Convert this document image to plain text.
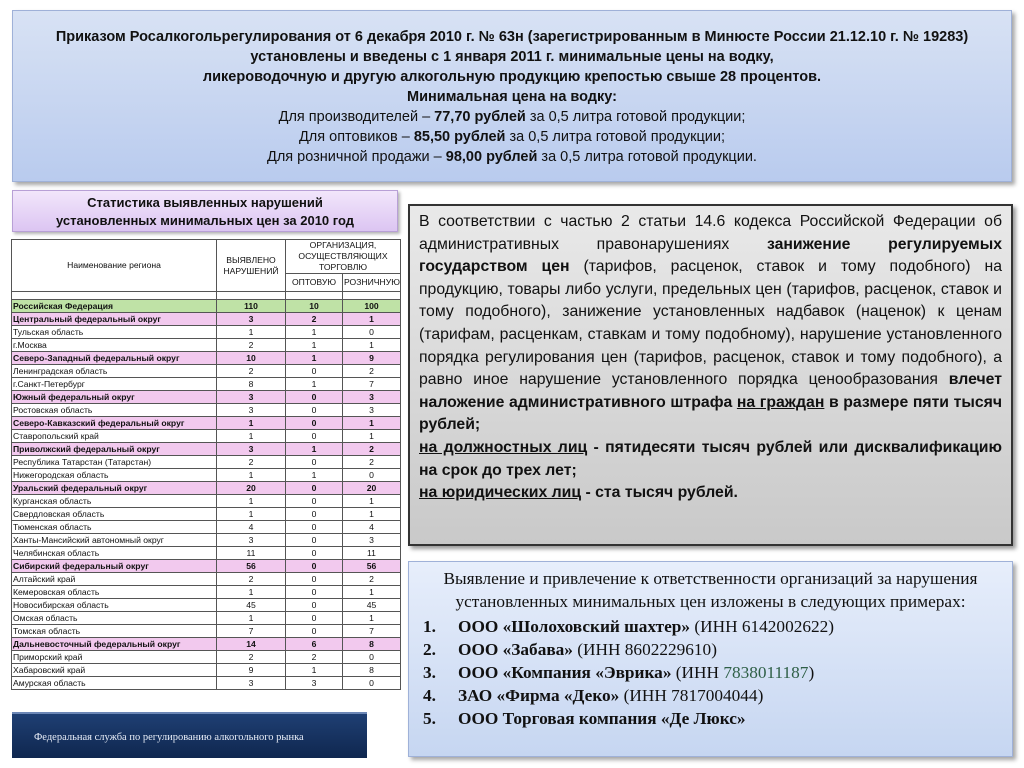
Приказом Росалкогольрегулирования от 6 декабря 2010 г. № 63н (зарегистрированным в Минюсте России 21.12.10 г. № 19283)
установлены и введены с 1 января 2011 г. минимальные цены на водку,
ликероводочную и другую алкогольную продукцию крепостью свыше 28 процентов.
Минимальная цена на водку:
Для производителей – 77,70 рублей за 0,5 литра готовой продукции;
Для оптовиков – 85,50 рублей за 0,5 литра готовой продукции;
Для розничной продажи – 98,00 рублей за 0,5 литра готовой продукции.
Статистика выявленных нарушений
установленных минимальных цен за 2010 год
Наименование региона	ВЫЯВЛЕНО НАРУШЕНИЙ	ОРГАНИЗАЦИЯ, ОСУЩЕСТВЛЯЮЩИХ ТОРГОВЛЮ	
		ОПТОВУЮ	РОЗНИЧНУЮ

Российская Федерация	110	10	100
Центральный федеральный округ	3	2	1
Тульская область	1	1	0
г.Москва	2	1	1
Северо-Западный федеральный округ	10	1	9
Ленинградская область	2	0	2
г.Санкт-Петербург	8	1	7
Южный федеральный округ	3	0	3
Ростовская область	3	0	3
Северо-Кавказский федеральный округ	1	0	1
Ставропольский край	1	0	1
Приволжский федеральный округ	3	1	2
Республика Татарстан (Татарстан)	2	0	2
Нижегородская область	1	1	0
Уральский федеральный округ	20	0	20
Курганская область	1	0	1
Свердловская область	1	0	1
Тюменская область	4	0	4
Ханты-Мансийский автономный округ	3	0	3
Челябинская область	11	0	11
Сибирский федеральный округ	56	0	56
Алтайский край	2	0	2
Кемеровская область	1	0	1
Новосибирская область	45	0	45
Омская область	1	0	1
Томская область	7	0	7
Дальневосточный федеральный округ	14	6	8
Приморский край	2	2	0
Хабаровский край	9	1	8
Амурская область	3	3	0

В соответствии с частью 2 статьи 14.6 кодекса Российской Федерации об административных правонарушениях занижение регулируемых государством цен (тарифов, расценок, ставок и тому подобного) на продукцию, товары либо услуги, предельных цен (тарифов, расценок, ставок и тому подобного), занижение установленных надбавок (наценок) к ценам (тарифам, расценкам, ставкам и тому подобному), нарушение установленного порядка регулирования цен (тарифов, расценок, ставок и тому подобного), а равно иное нарушение установленного порядка ценообразования влечет наложение административного штрафа на граждан в размере пяти тысяч рублей;

на должностных лиц - пятидесяти тысяч рублей или дисквалификацию на срок до трех лет;

на юридических лиц - ста тысяч рублей.

Выявление и привлечение к ответственности организаций за нарушения установленных минимальных цен изложены в следующих примерах:
1.	ООО «Шолоховский шахтер» (ИНН 6142002622)
2.	ООО «Забава» (ИНН 8602229610)
3.	ООО «Компания «Эврика» (ИНН 7838011187)
4.	ЗАО «Фирма «Деко» (ИНН 7817004044)
5.	ООО Торговая компания «Де Люкс»
Федеральная служба по регулированию алкогольного рынка
